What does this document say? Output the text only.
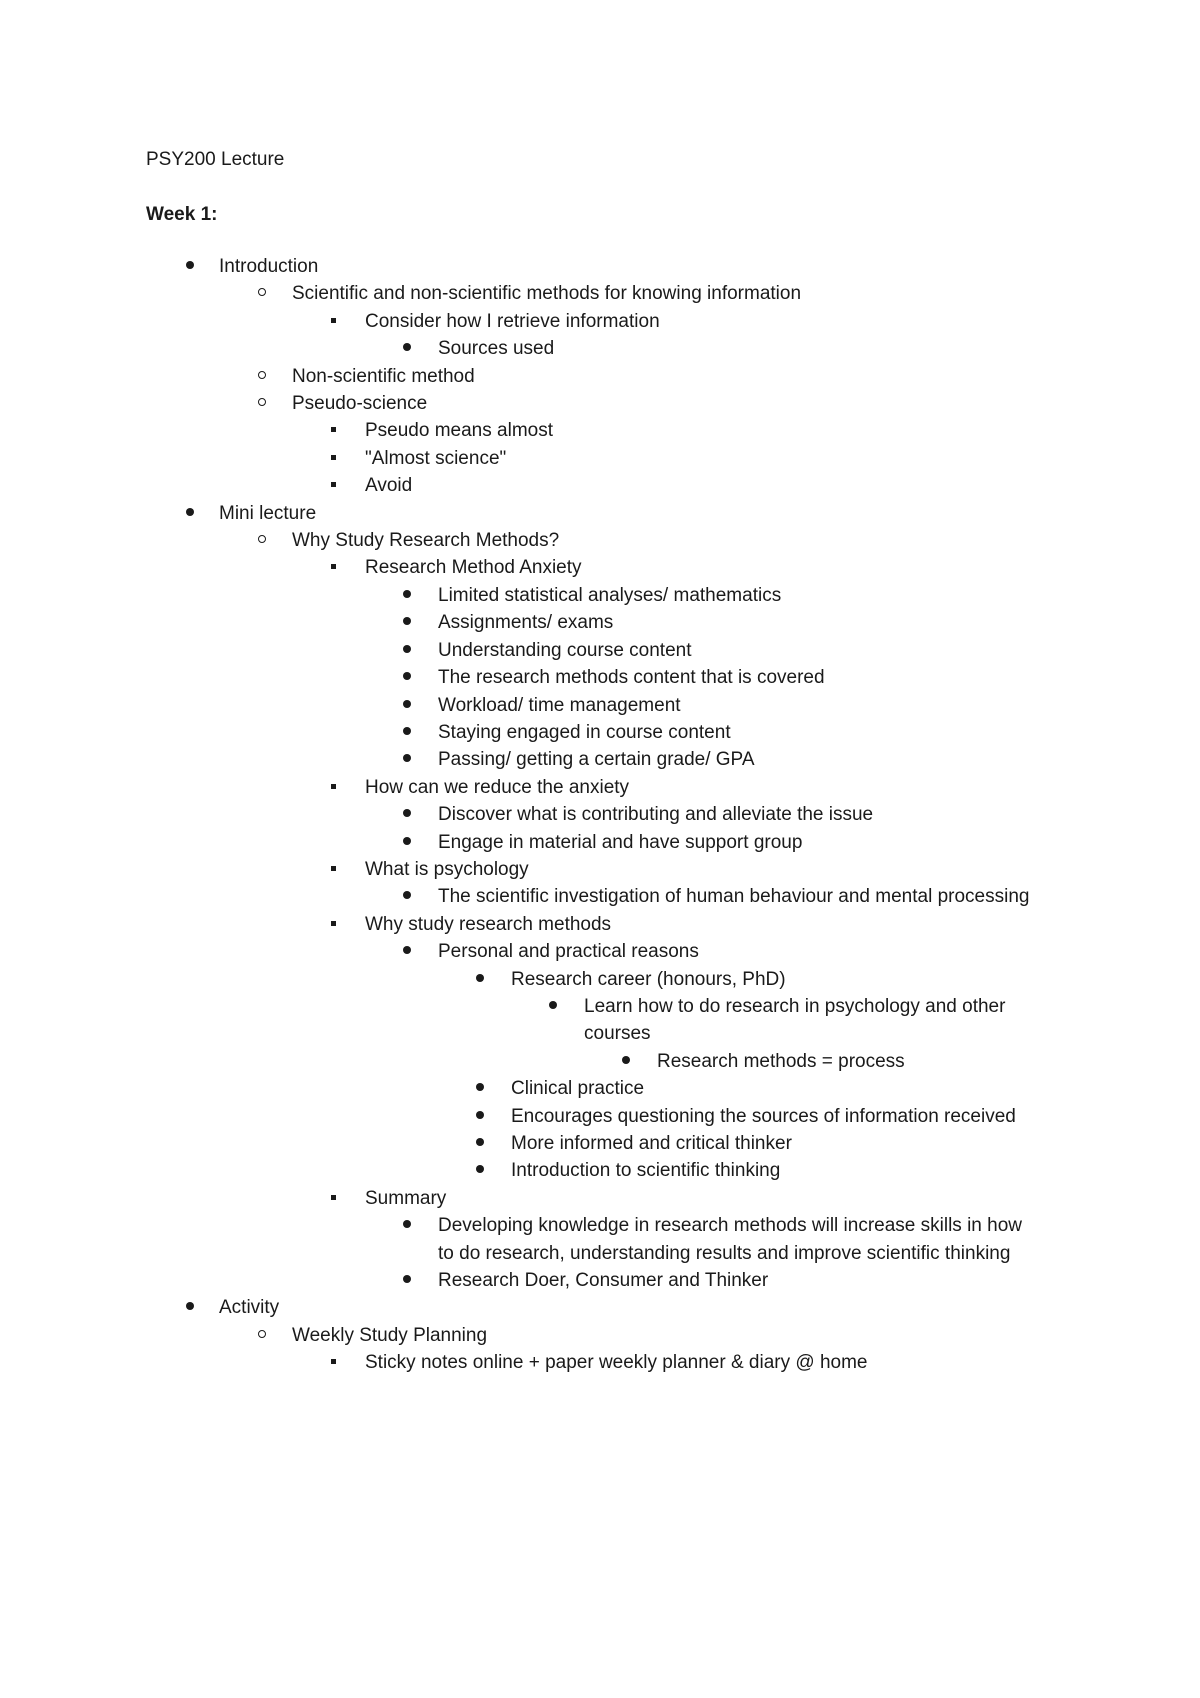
PSY200 Lecture
Week 1:
Introduction
Scientific and non-scientific methods for knowing information
Consider how I retrieve information
Sources used
Non-scientific method
Pseudo-science
Pseudo means almost
"Almost science"
Avoid
Mini lecture
Why Study Research Methods?
Research Method Anxiety
Limited statistical analyses/ mathematics
Assignments/ exams
Understanding course content
The research methods content that is covered
Workload/ time management
Staying engaged in course content
Passing/ getting a certain grade/ GPA
How can we reduce the anxiety
Discover what is contributing and alleviate the issue
Engage in material and have support group
What is psychology
The scientific investigation of human behaviour and mental processing
Why study research methods
Personal and practical reasons
Research career (honours, PhD)
Learn how to do research in psychology and other courses
Research methods = process
Clinical practice
Encourages questioning the sources of information received
More informed and critical thinker
Introduction to scientific thinking
Summary
Developing knowledge in research methods will increase skills in how to do research, understanding results and improve scientific thinking
Research Doer, Consumer and Thinker
Activity
Weekly Study Planning
Sticky notes online + paper weekly planner & diary @ home
